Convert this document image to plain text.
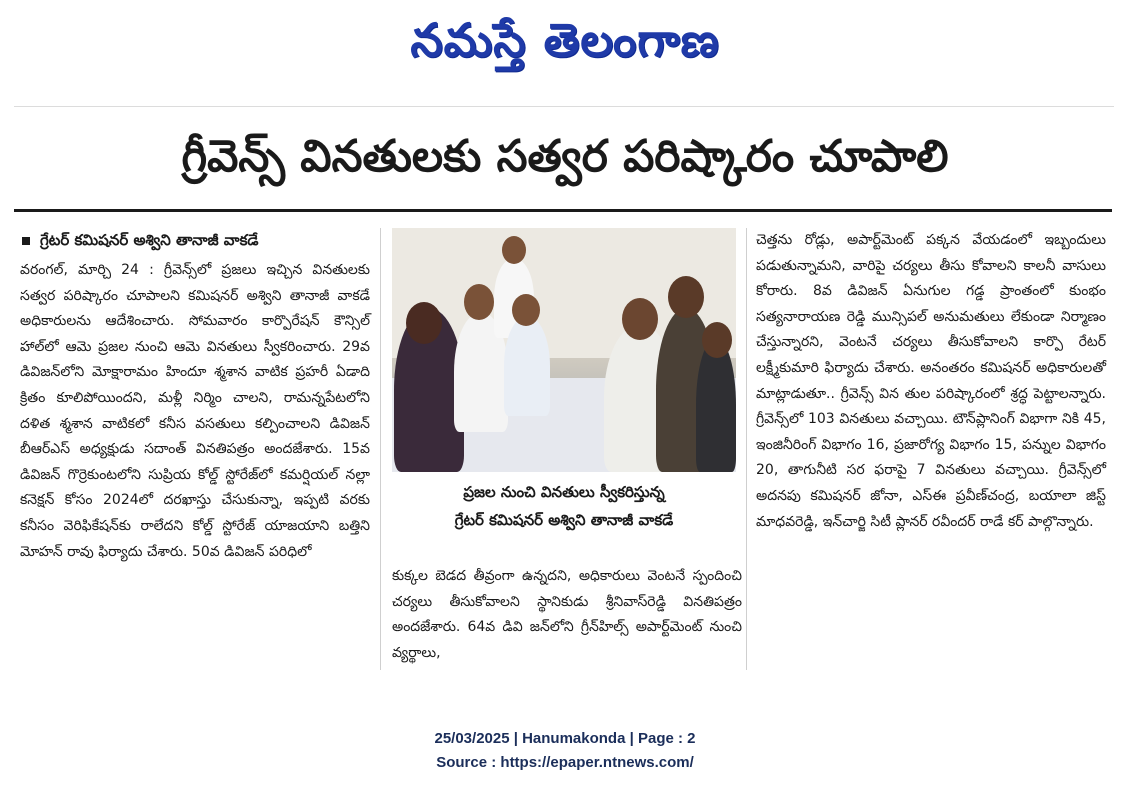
నమస్తే తెలంగాణ
గ్రీవెన్స్ వినతులకు సత్వర పరిష్కారం చూపాలి
గ్రేటర్ కమిషనర్ అశ్విని తానాజీ వాకడే

వరంగల్, మార్చి 24 : గ్రీవెన్స్‌లో ప్రజలు ఇచ్చిన వినతులకు సత్వర పరిష్కారం చూపాలని కమిషనర్ అశ్విని తానాజీ వాకడే అధికారులను ఆదేశించారు. సోమవారం కార్పొరేషన్ కౌన్సిల్ హాల్‌లో ఆమె ప్రజల నుంచి ఆమె వినతులు స్వీకరించారు. 29వ డివిజన్‌లోని మోక్షారామం హిందూ శ్మశాన వాటిక ప్రహరీ ఏడాది క్రితం కూలిపోయిందని, మళ్లీ నిర్మిం చాలని, రామన్నపేటలోని దళిత శ్మశాన వాటికలో కనీస వసతులు కల్పించాలని డివిజన్ బీఆర్ఎస్ అధ్యక్షుడు సదాంత్ వినతిపత్రం అందజేశారు. 15వ డివిజన్ గొర్రెకుంటలోని సుప్రియ కోల్డ్ స్టోరేజ్‌లో కమర్షియల్ నల్లా కనెక్షన్ కోసం 2024లో దరఖాస్తు చేసుకున్నా, ఇప్పటి వరకు కనీసం వెరిఫికేషన్‌కు రాలేదని కోల్డ్ స్టోరేజ్ యాజయాని బత్తిని మోహన్ రావు ఫిర్యాదు చేశారు. 50వ డివిజన్ పరిధిలో

ప్రజల నుంచి వినతులు స్వీకరిస్తున్న
గ్రేటర్ కమిషనర్ అశ్విని తానాజీ వాకడే

కుక్కల బెడద తీవ్రంగా ఉన్నదని, అధికారులు వెంటనే స్పందించి చర్యలు తీసుకోవాలని స్థానికుడు శ్రీనివాస్‌రెడ్డి వినతిపత్రం అందజేశారు. 64వ డివి జన్‌లోని గ్రీన్‌హిల్స్ అపార్ట్‌మెంట్ నుంచి వ్యర్థాలు,

చెత్తను రోడ్లు, అపార్ట్‌మెంట్ పక్కన వేయడంలో ఇబ్బందులు పడుతున్నామని, వారిపై చర్యలు తీసు కోవాలని కాలనీ వాసులు కోరారు. 8వ డివిజన్ ఏనుగుల గడ్డ ప్రాంతంలో కుంభం సత్యనారాయణ రెడ్డి మున్సిపల్ అనుమతులు లేకుండా నిర్మాణం చేస్తున్నారని, వెంటనే చర్యలు తీసుకోవాలని కార్పొ రేటర్ లక్ష్మీకుమారి ఫిర్యాదు చేశారు. అనంతరం కమిషనర్ అధికారులతో మాట్లాడుతూ.. గ్రీవెన్స్ విన తుల పరిష్కారంలో శ్రద్ధ పెట్టాలన్నారు. గ్రీవెన్స్‌లో 103 వినతులు వచ్చాయి. టౌన్‌ప్లానింగ్ విభాగా నికి 45, ఇంజినీరింగ్ విభాగం 16, ప్రజారోగ్య విభాగం 15, పన్నుల విభాగం 20, తాగునీటి సర ఫరాపై 7 వినతులు వచ్చాయి. గ్రీవెన్స్‌లో అదనపు కమిషనర్ జోనా, ఎస్ఈ ప్రవీణ్‌చంద్ర, బయాలా జిస్ట్ మాధవరెడ్డి, ఇన్‌చార్జి సిటీ ప్లానర్ రవీందర్ రాడే కర్ పాల్గొన్నారు.

25/03/2025 | Hanumakonda | Page : 2
Source : https://epaper.ntnews.com/
